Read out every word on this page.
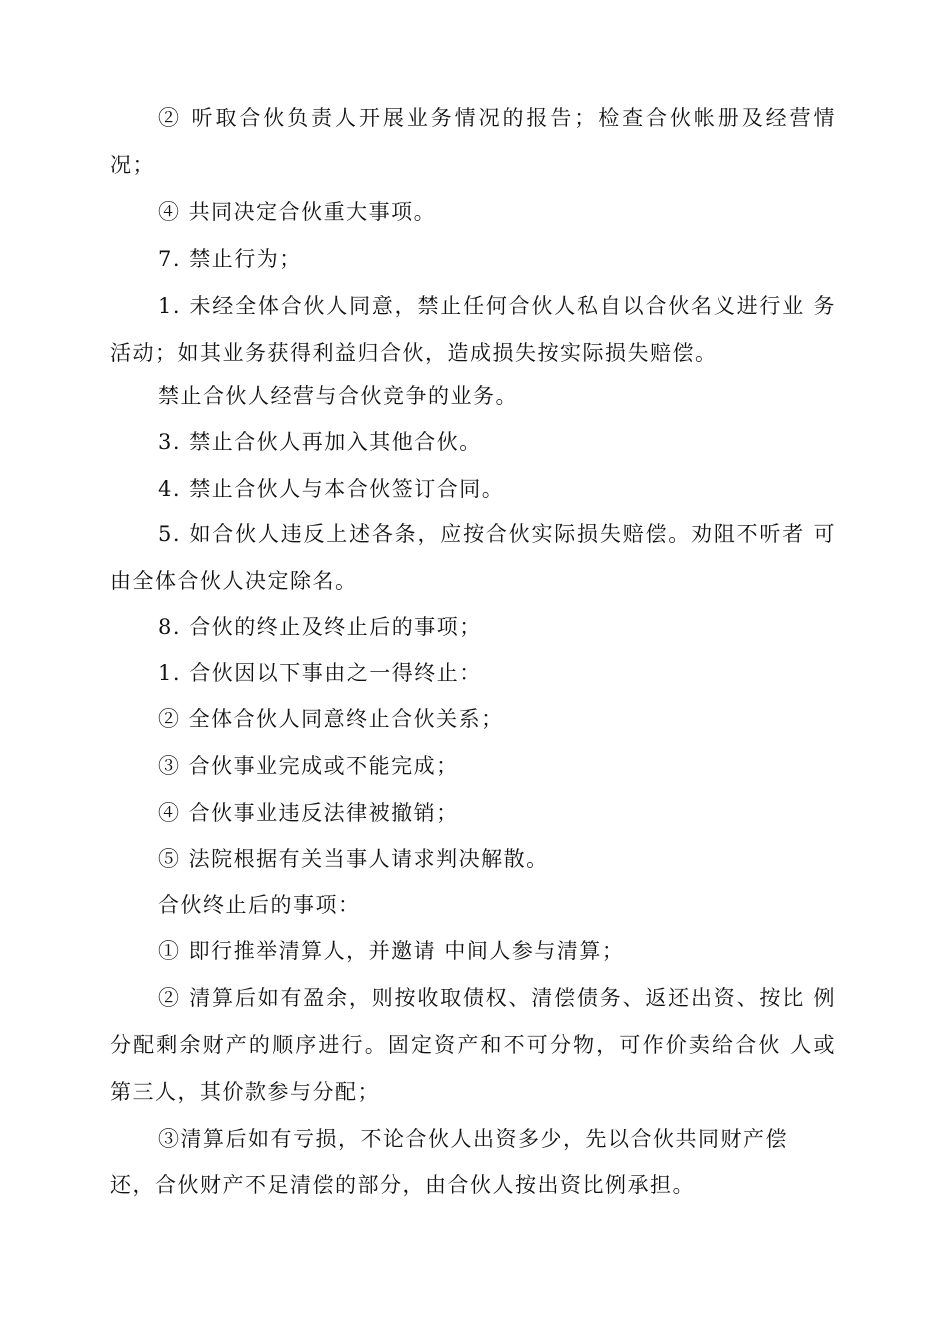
② 听取合伙负责人开展业务情况的报告；检查合伙帐册及经营情
况；
④ 共同决定合伙重大事项。
7. 禁止行为；
1. 未经全体合伙人同意，禁止任何合伙人私自以合伙名义进行业 务
活动；如其业务获得利益归合伙，造成损失按实际损失赔偿。
禁止合伙人经营与合伙竞争的业务。
3. 禁止合伙人再加入其他合伙。
4. 禁止合伙人与本合伙签订合同。
5. 如合伙人违反上述各条，应按合伙实际损失赔偿。劝阻不听者 可
由全体合伙人决定除名。
8. 合伙的终止及终止后的事项；
1. 合伙因以下事由之一得终止：
② 全体合伙人同意终止合伙关系；
③ 合伙事业完成或不能完成；
④ 合伙事业违反法律被撤销；
⑤ 法院根据有关当事人请求判决解散。
合伙终止后的事项：
① 即行推举清算人，并邀请 中间人参与清算；
② 清算后如有盈余，则按收取债权、清偿债务、返还出资、按比 例
分配剩余财产的顺序进行。固定资产和不可分物，可作价卖给合伙 人或
第三人，其价款参与分配；
③清算后如有亏损，不论合伙人出资多少，先以合伙共同财产偿
还，合伙财产不足清偿的部分，由合伙人按出资比例承担。
